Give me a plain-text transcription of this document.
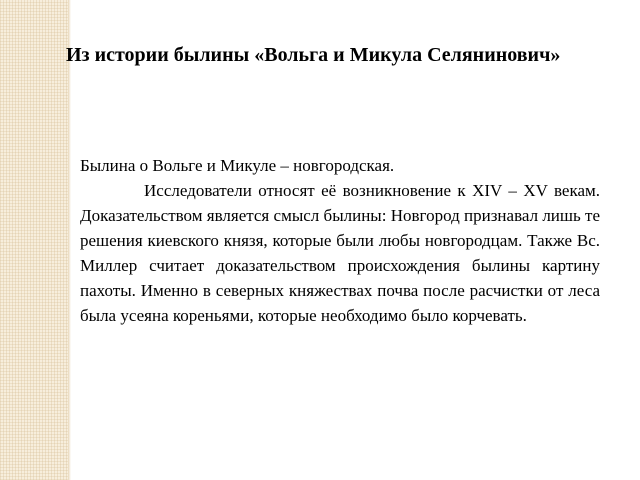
Из истории былины «Вольга и Микула Селянинович»

Былина о Вольге и Микуле – новгородская.

Исследователи относят её возникновение к XIV – XV векам. Доказательством является смысл былины: Новгород признавал лишь те решения киевского князя, которые были любы новгородцам. Также Вс. Миллер считает доказательством происхождения былины картину пахоты. Именно в северных княжествах почва после расчистки от леса была усеяна кореньями, которые необходимо было корчевать.
